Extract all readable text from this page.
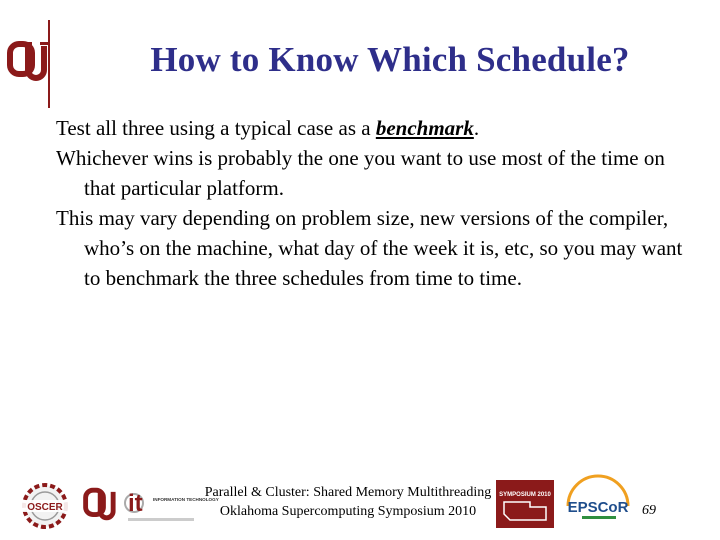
How to Know Which Schedule?

Test all three using a typical case as a benchmark.

Whichever wins is probably the one you want to use most of the time on that particular platform.

This may vary depending on problem size, new versions of the compiler, who’s on the machine, what day of the week it is, etc, so you may want to benchmark the three schedules from time to time.

OSCER	it INFORMATION TECHNOLOGY
Parallel & Cluster: Shared Memory Multithreading
Oklahoma Supercomputing Symposium 2010
SYMPOSIUM 2010
EPSCoR 69
